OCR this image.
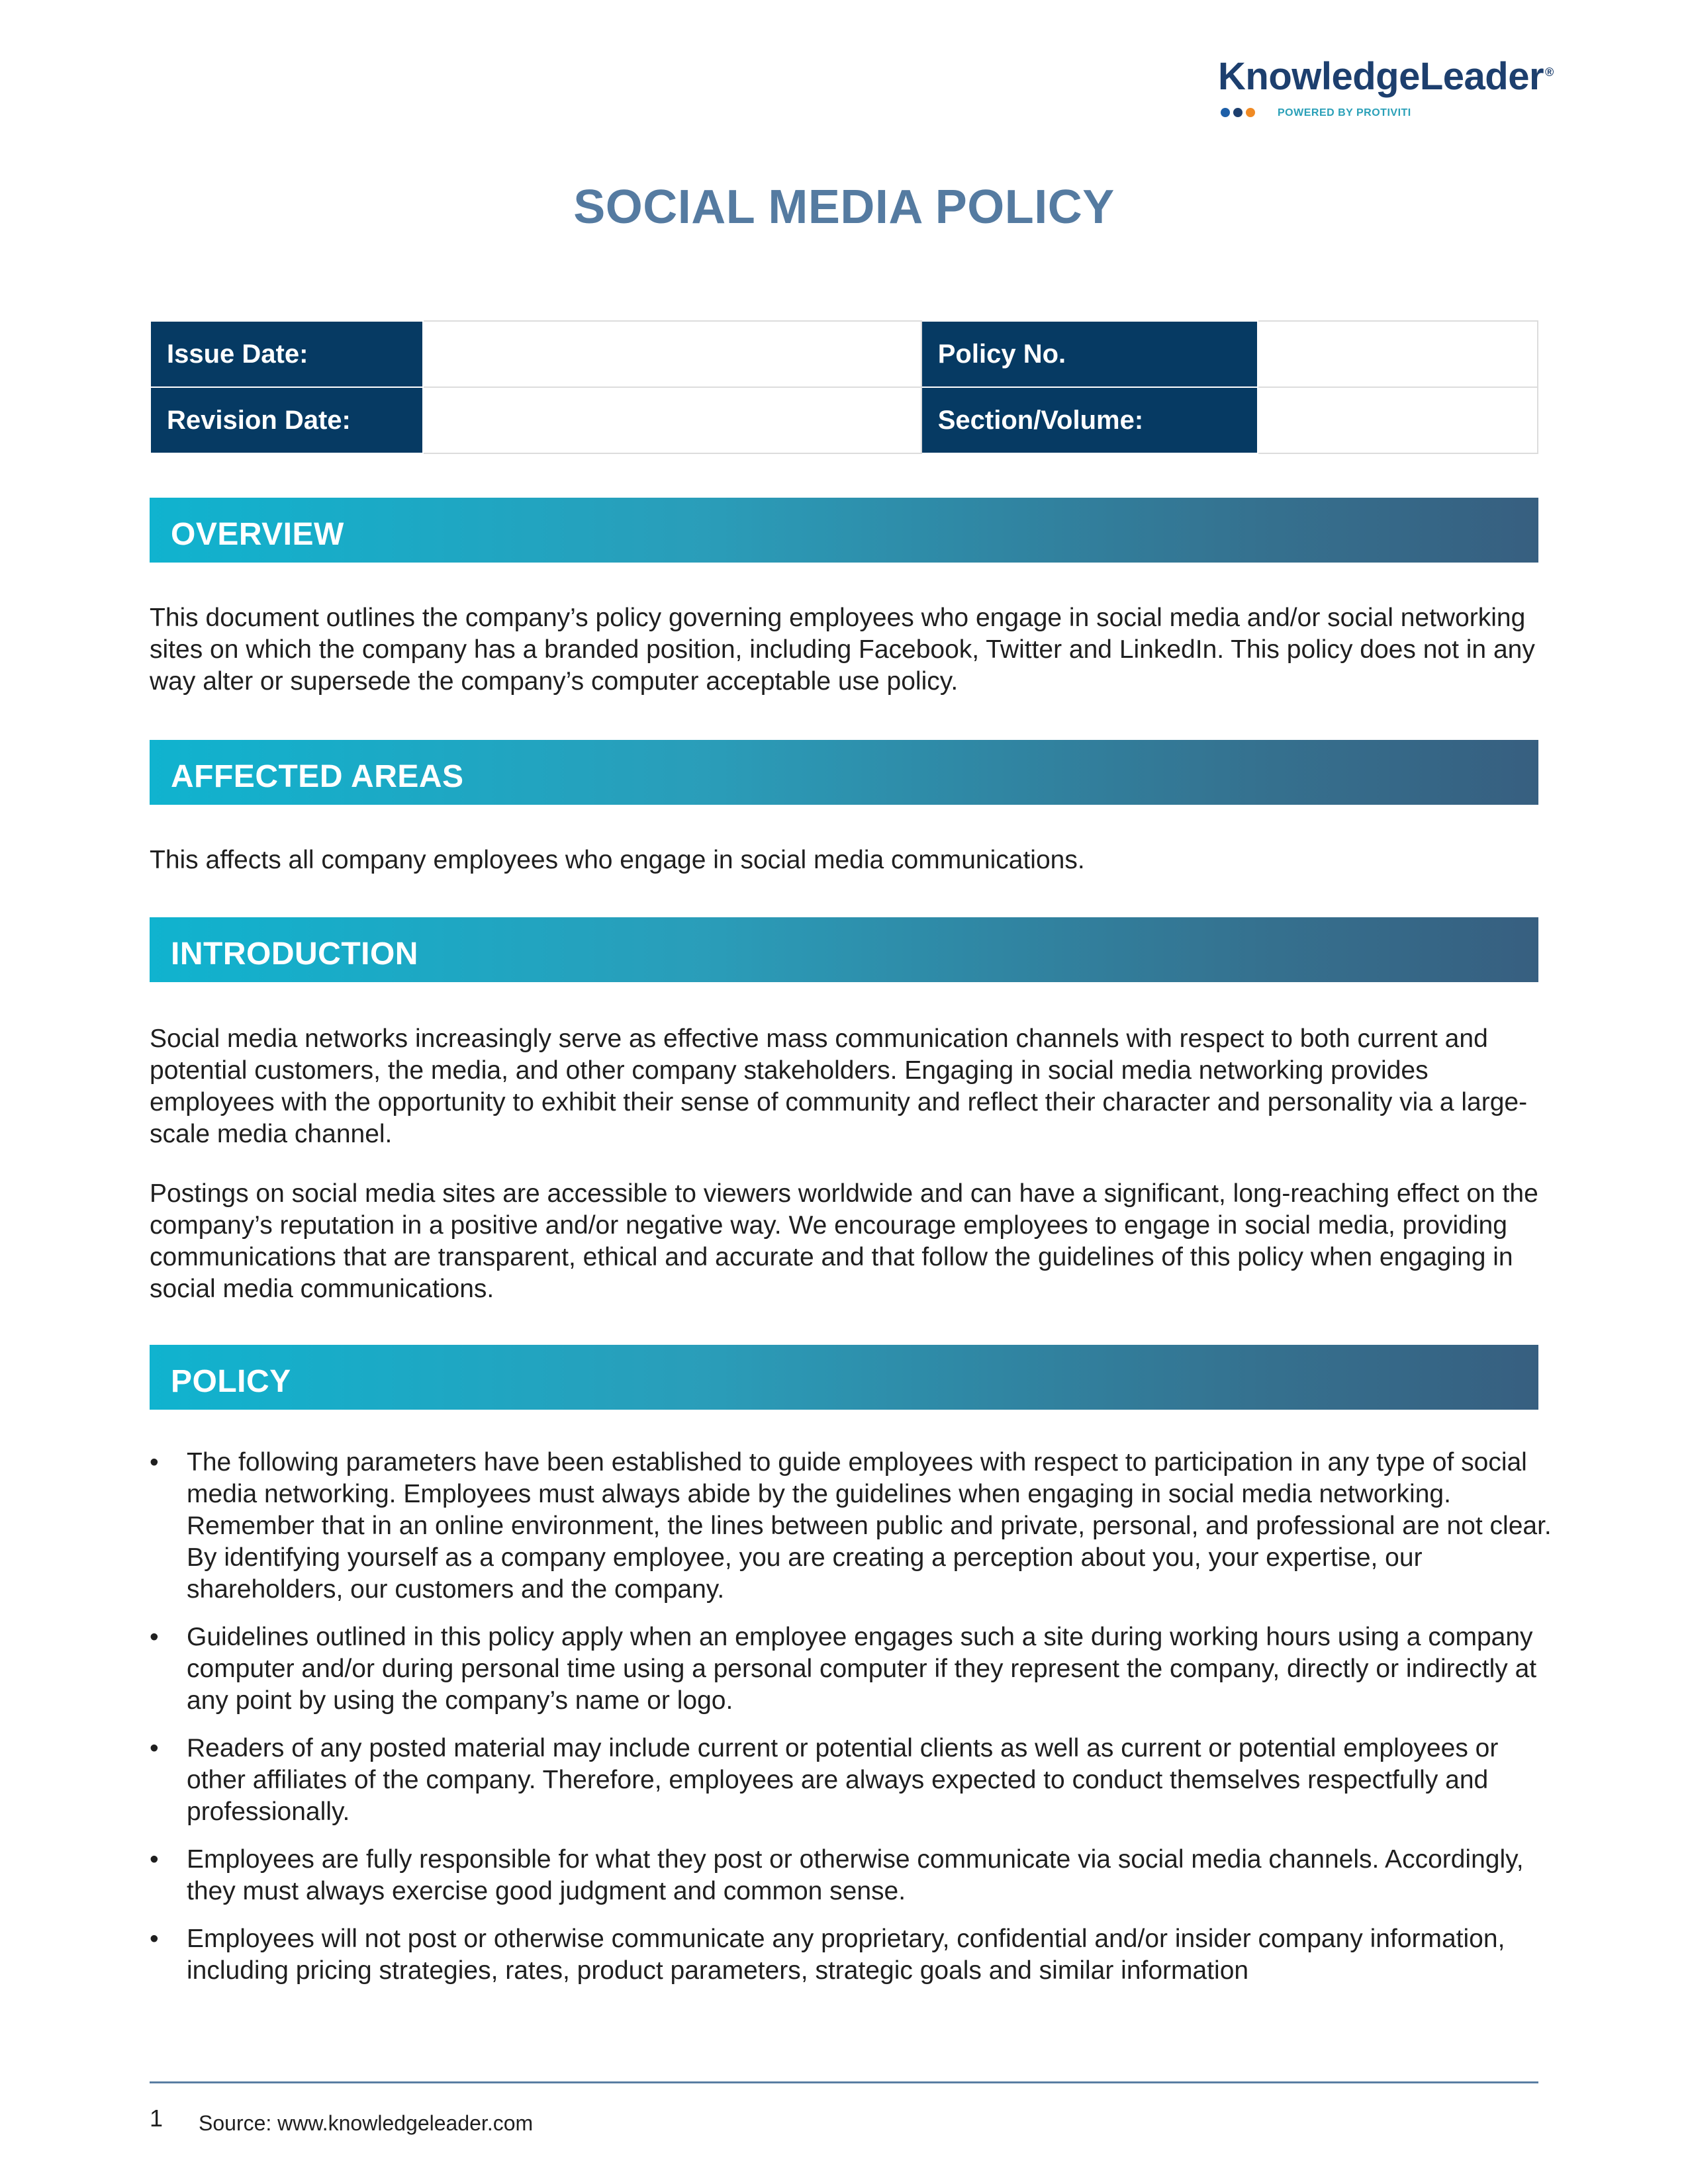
KnowledgeLeader ®
POWERED BY PROTIVITI
SOCIAL MEDIA POLICY
Issue Date:		Policy No.	
Revision Date:		Section/Volume:	
OVERVIEW

This document outlines the company’s policy governing employees who engage in social media and/or social networking sites on which the company has a branded position, including Facebook, Twitter and LinkedIn. This policy does not in any way alter or supersede the company’s computer acceptable use policy.

AFFECTED AREAS

This affects all company employees who engage in social media communications.

INTRODUCTION

Social media networks increasingly serve as effective mass communication channels with respect to both current and potential customers, the media, and other company stakeholders. Engaging in social media networking provides employees with the opportunity to exhibit their sense of community and reflect their character and personality via a large-scale media channel.

Postings on social media sites are accessible to viewers worldwide and can have a significant, long-reaching effect on the company’s reputation in a positive and/or negative way. We encourage employees to engage in social media, providing communications that are transparent, ethical and accurate and that follow the guidelines of this policy when engaging in social media communications.

POLICY
• The following parameters have been established to guide employees with respect to participation in any type of social media networking. Employees must always abide by the guidelines when engaging in social media networking. Remember that in an online environment, the lines between public and private, personal, and professional are not clear. By identifying yourself as a company employee, you are creating a perception about you, your expertise, our shareholders, our customers and the company.
• Guidelines outlined in this policy apply when an employee engages such a site during working hours using a company computer and/or during personal time using a personal computer if they represent the company, directly or indirectly at any point by using the company’s name or logo.
• Readers of any posted material may include current or potential clients as well as current or potential employees or other affiliates of the company. Therefore, employees are always expected to conduct themselves respectfully and professionally.
• Employees are fully responsible for what they post or otherwise communicate via social media channels. Accordingly, they must always exercise good judgment and common sense.
• Employees will not post or otherwise communicate any proprietary, confidential and/or insider company information, including pricing strategies, rates, product parameters, strategic goals and similar information
1 Source: www.knowledgeleader.com
